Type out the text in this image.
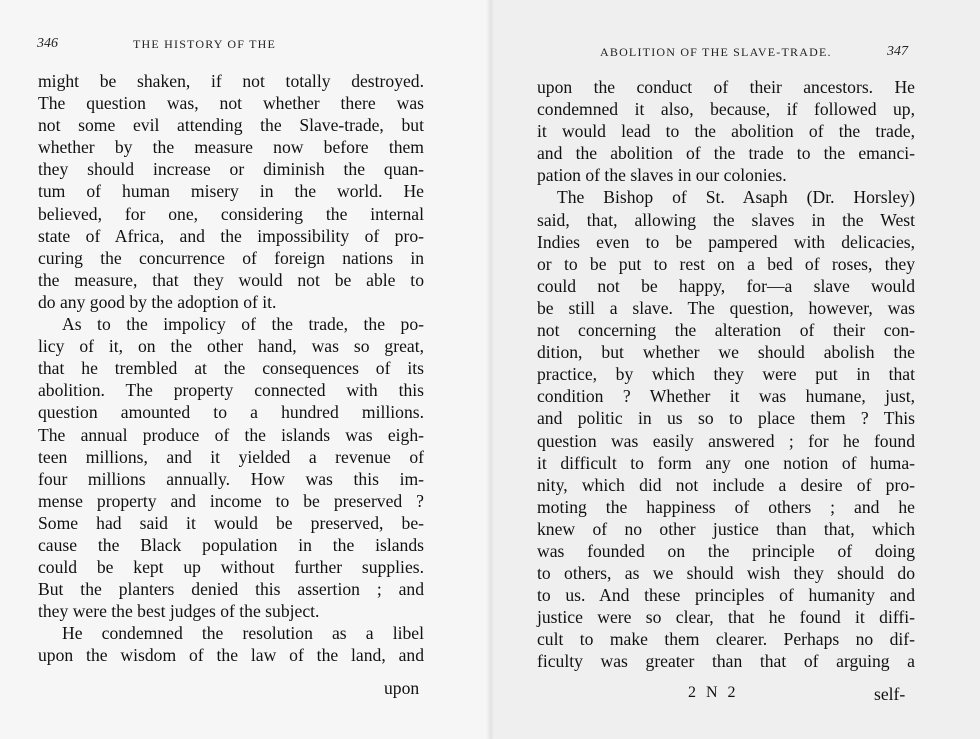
346	THE HISTORY OF THE
might be shaken, if not totally destroyed.
The question was, not whether there was
not some evil attending the Slave-trade, but
whether by the measure now before them
they should increase or diminish the quan-
tum of human misery in the world. He
believed, for one, considering the internal
state of Africa, and the impossibility of pro-
curing the concurrence of foreign nations in
the measure, that they would not be able to
do any good by the adoption of it.
As to the impolicy of the trade, the po-
licy of it, on the other hand, was so great,
that he trembled at the consequences of its
abolition. The property connected with this
question amounted to a hundred millions.
The annual produce of the islands was eigh-
teen millions, and it yielded a revenue of
four millions annually. How was this im-
mense property and income to be preserved ?
Some had said it would be preserved, be-
cause the Black population in the islands
could be kept up without further supplies.
But the planters denied this assertion ; and
they were the best judges of the subject.
He condemned the resolution as a libel
upon the wisdom of the law of the land, and
upon
ABOLITION OF THE SLAVE-TRADE.	347
upon the conduct of their ancestors. He
condemned it also, because, if followed up,
it would lead to the abolition of the trade,
and the abolition of the trade to the emanci-
pation of the slaves in our colonies.
The Bishop of St. Asaph (Dr. Horsley)
said, that, allowing the slaves in the West
Indies even to be pampered with delicacies,
or to be put to rest on a bed of roses, they
could not be happy, for—a slave would
be still a slave. The question, however, was
not concerning the alteration of their con-
dition, but whether we should abolish the
practice, by which they were put in that
condition ? Whether it was humane, just,
and politic in us so to place them ? This
question was easily answered ; for he found
it difficult to form any one notion of huma-
nity, which did not include a desire of pro-
moting the happiness of others ; and he
knew of no other justice than that, which
was founded on the principle of doing
to others, as we should wish they should do
to us. And these principles of humanity and
justice were so clear, that he found it diffi-
cult to make them clearer. Perhaps no dif-
ficulty was greater than that of arguing a
2 N 2	self-
